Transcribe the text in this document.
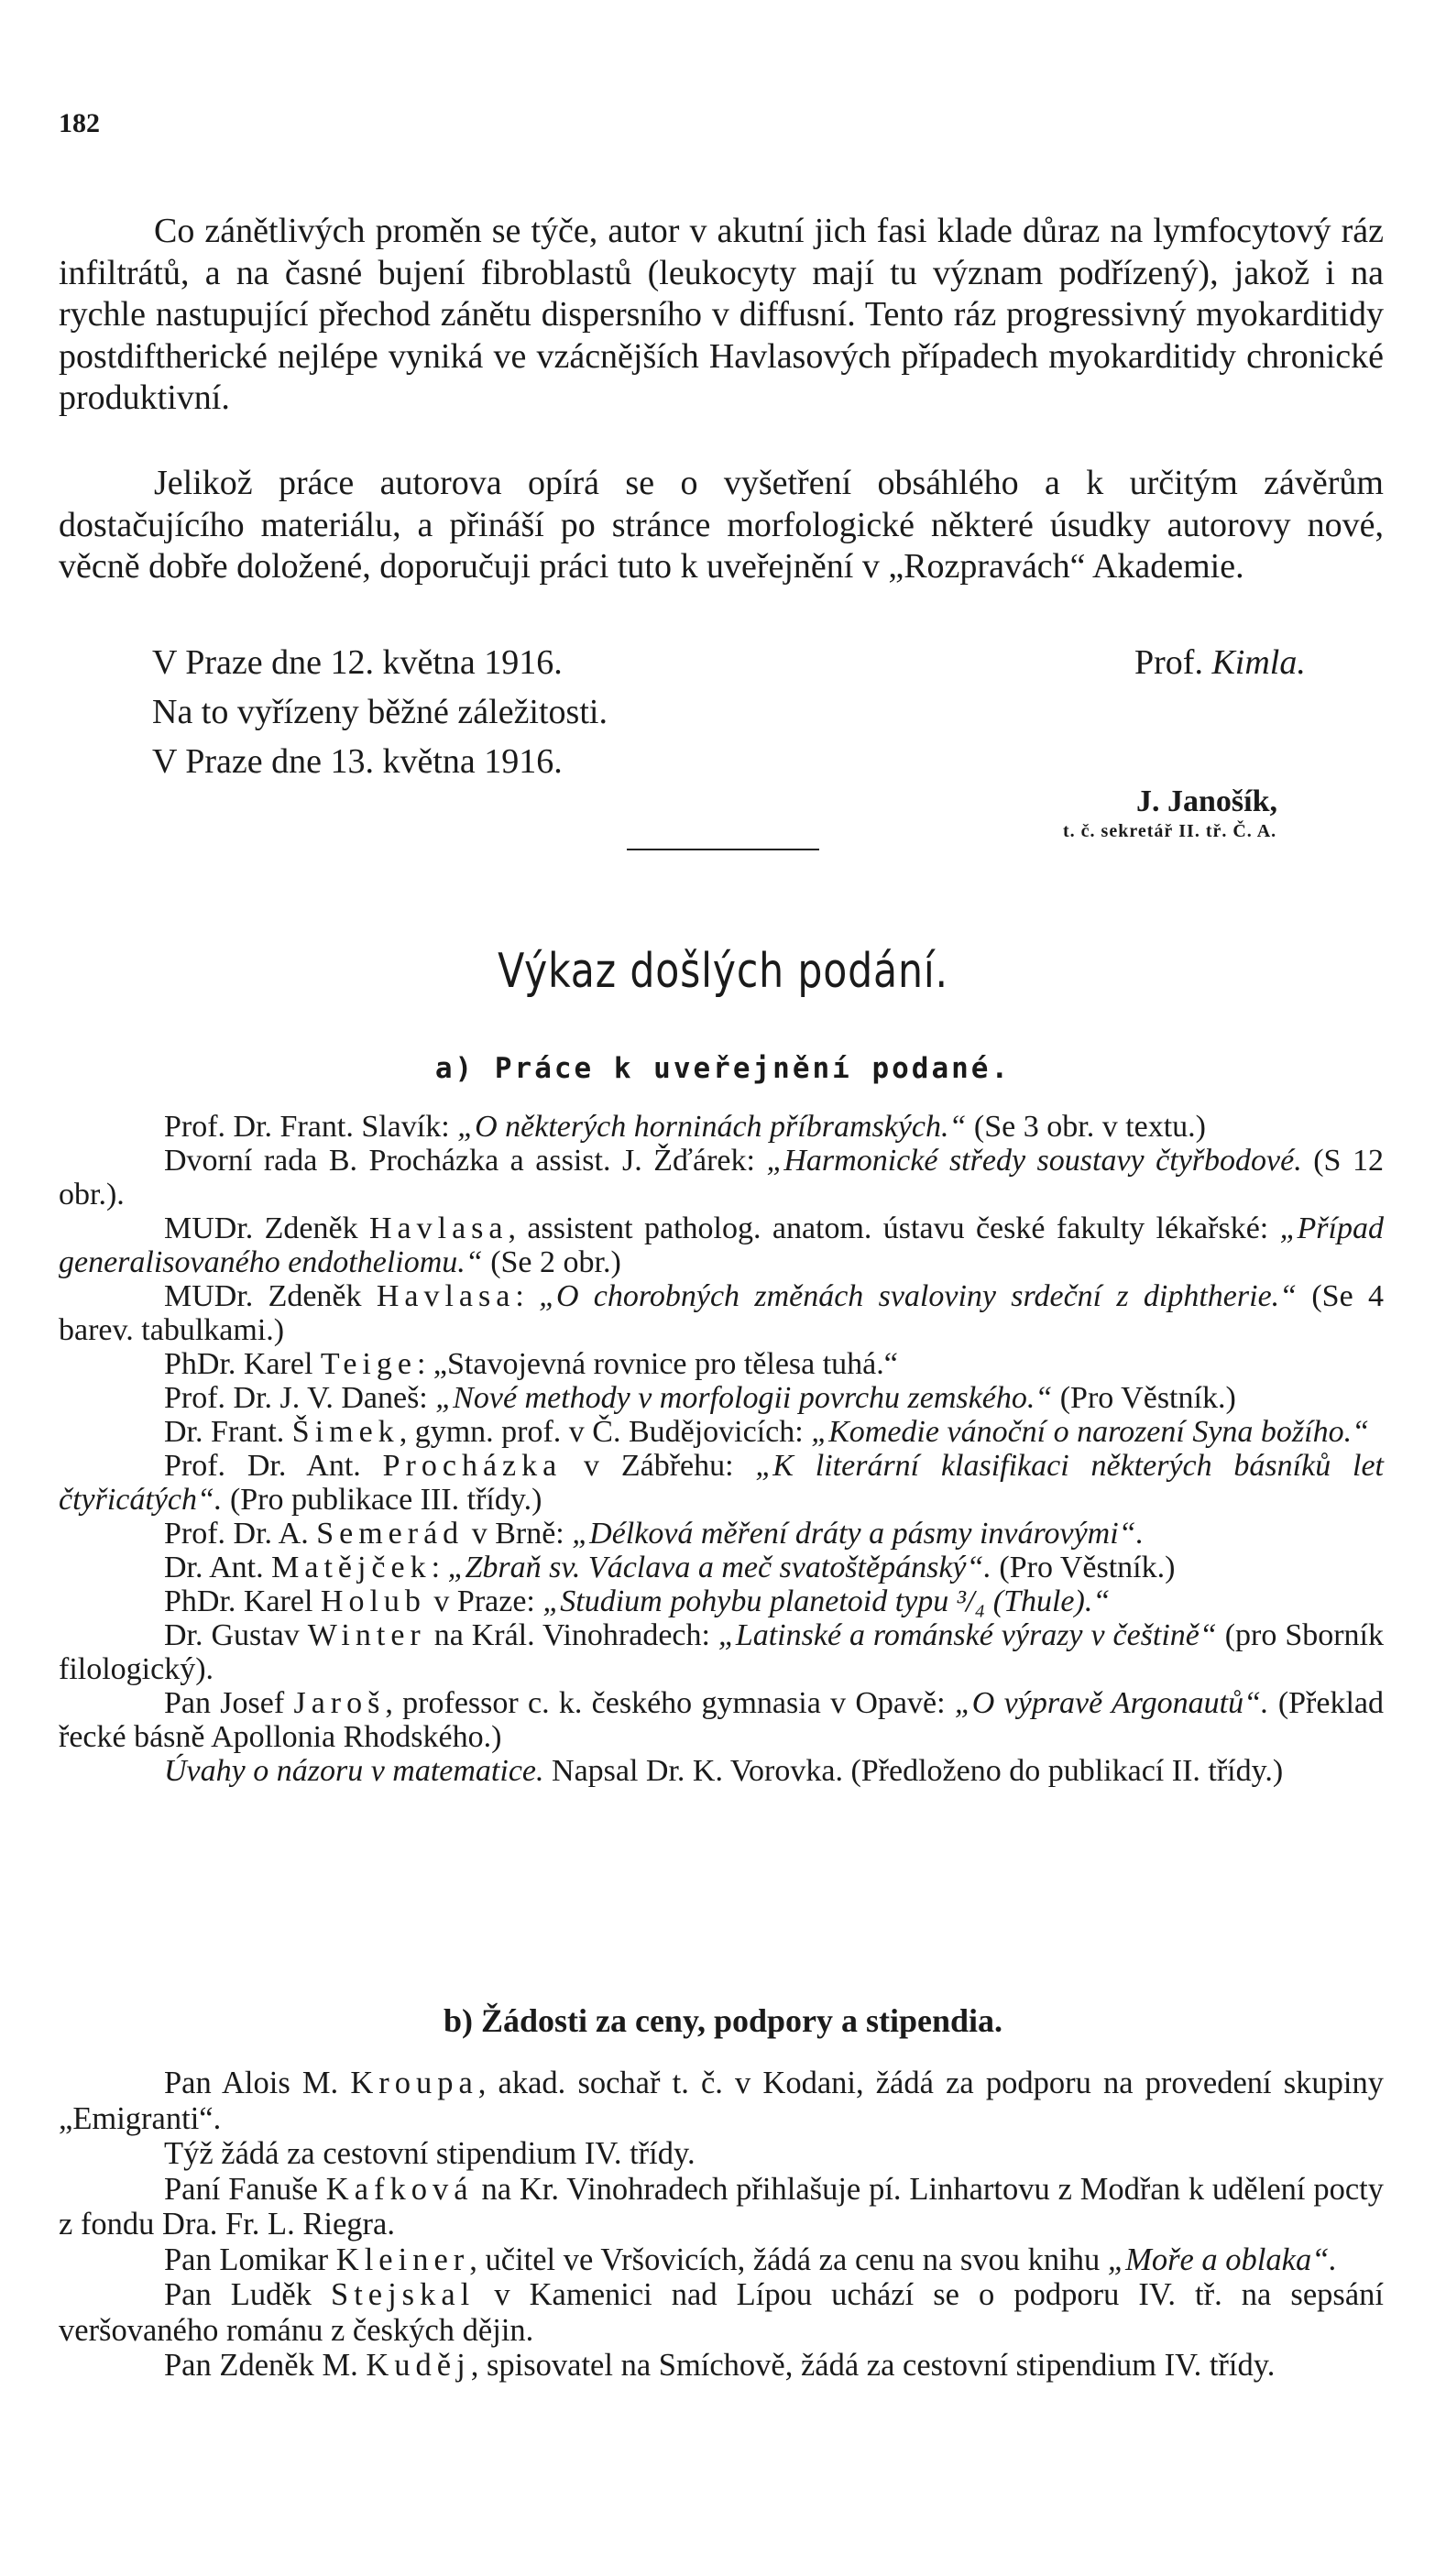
182

Co zánětlivých proměn se týče, autor v akutní jich fasi klade důraz na lymfocytový ráz infiltrátů, a na časné bujení fibroblastů (leukocyty mají tu význam podřízený), jakož i na rychle nastupující přechod zánětu dispersního v diffusní. Tento ráz progressivný myokarditidy postdiftherické nejlépe vyniká ve vzácnějších Havlasových případech myokarditidy chronické produktivní.

Jelikož práce autorova opírá se o vyšetření obsáhlého a k určitým závěrům dostačujícího materiálu, a přináší po stránce morfologické některé úsudky autorovy nové, věcně dobře doložené, doporučuji práci tuto k uveřejnění v „Rozpravách“ Akademie.

V Praze dne 12. května 1916.	Prof. Kimla.
Na to vyřízeny běžné záležitosti.
V Praze dne 13. května 1916.
J. Janošík,
t. č. sekretář II. tř. Č. A.
Výkaz došlých podání.
a) Práce k uveřejnění podané.

Prof. Dr. Frant. Slavík: „O některých horninách příbramských.“ (Se 3 obr. v textu.)

Dvorní rada B. Procházka a assist. J. Žďárek: „Harmonické středy soustavy čtyřbodové. (S 12 obr.).

MUDr. Zdeněk Havlasa, assistent patholog. anatom. ústavu české fakulty lékařské: „Případ generalisovaného endotheliomu.“ (Se 2 obr.)

MUDr. Zdeněk Havlasa: „O chorobných změnách svaloviny srdeční z diphtherie.“ (Se 4 barev. tabulkami.)

PhDr. Karel Teige: „Stavojevná rovnice pro tělesa tuhá.“

Prof. Dr. J. V. Daneš: „Nové methody v morfologii povrchu zemského.“ (Pro Věstník.)

Dr. Frant. Šimek, gymn. prof. v Č. Budějovicích: „Komedie vánoční o narození Syna božího.“

Prof. Dr. Ant. Procházka v Zábřehu: „K literární klasifikaci některých básníků let čtyřicátých“. (Pro publikace III. třídy.)

Prof. Dr. A. Semerád v Brně: „Délková měření dráty a pásmy invárovými“.

Dr. Ant. Matějček: „Zbraň sv. Václava a meč svatoštěpánský“. (Pro Věstník.)

PhDr. Karel Holub v Praze: „Studium pohybu planetoid typu ³/₄ (Thule).“

Dr. Gustav Winter na Král. Vinohradech: „Latinské a románské výrazy v češtině“ (pro Sborník filologický).

Pan Josef Jaroš, professor c. k. českého gymnasia v Opavě: „O výpravě Argonautů“. (Překlad řecké básně Apollonia Rhodského.)

Úvahy o názoru v matematice. Napsal Dr. K. Vorovka. (Předloženo do publikací II. třídy.)

b) Žádosti za ceny, podpory a stipendia.

Pan Alois M. Kroupa, akad. sochař t. č. v Kodani, žádá za podporu na provedení skupiny „Emigranti“.

Týž žádá za cestovní stipendium IV. třídy.

Paní Fanuše Kafková na Kr. Vinohradech přihlašuje pí. Linhartovu z Modřan k udělení pocty z fondu Dra. Fr. L. Riegra.

Pan Lomikar Kleiner, učitel ve Vršovicích, žádá za cenu na svou knihu „Moře a oblaka“.

Pan Luděk Stejskal v Kamenici nad Lípou uchází se o podporu IV. tř. na sepsání veršovaného románu z českých dějin.

Pan Zdeněk M. Kuděj, spisovatel na Smíchově, žádá za cestovní stipendium IV. třídy.
